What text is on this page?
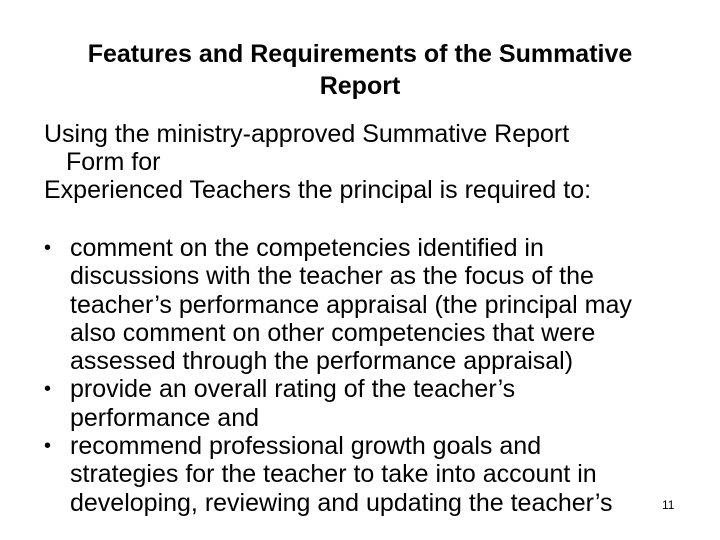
Features and Requirements of the Summative
Report
Using the ministry-approved Summative Report
Form for
Experienced Teachers the principal is required to:
• comment on the competencies identified in
discussions with the teacher as the focus of the
teacher’s performance appraisal (the principal may
also comment on other competencies that were
assessed through the performance appraisal)
• provide an overall rating of the teacher’s
performance and
• recommend professional growth goals and
strategies for the teacher to take into account in
developing, reviewing and updating the teacher’s	11
